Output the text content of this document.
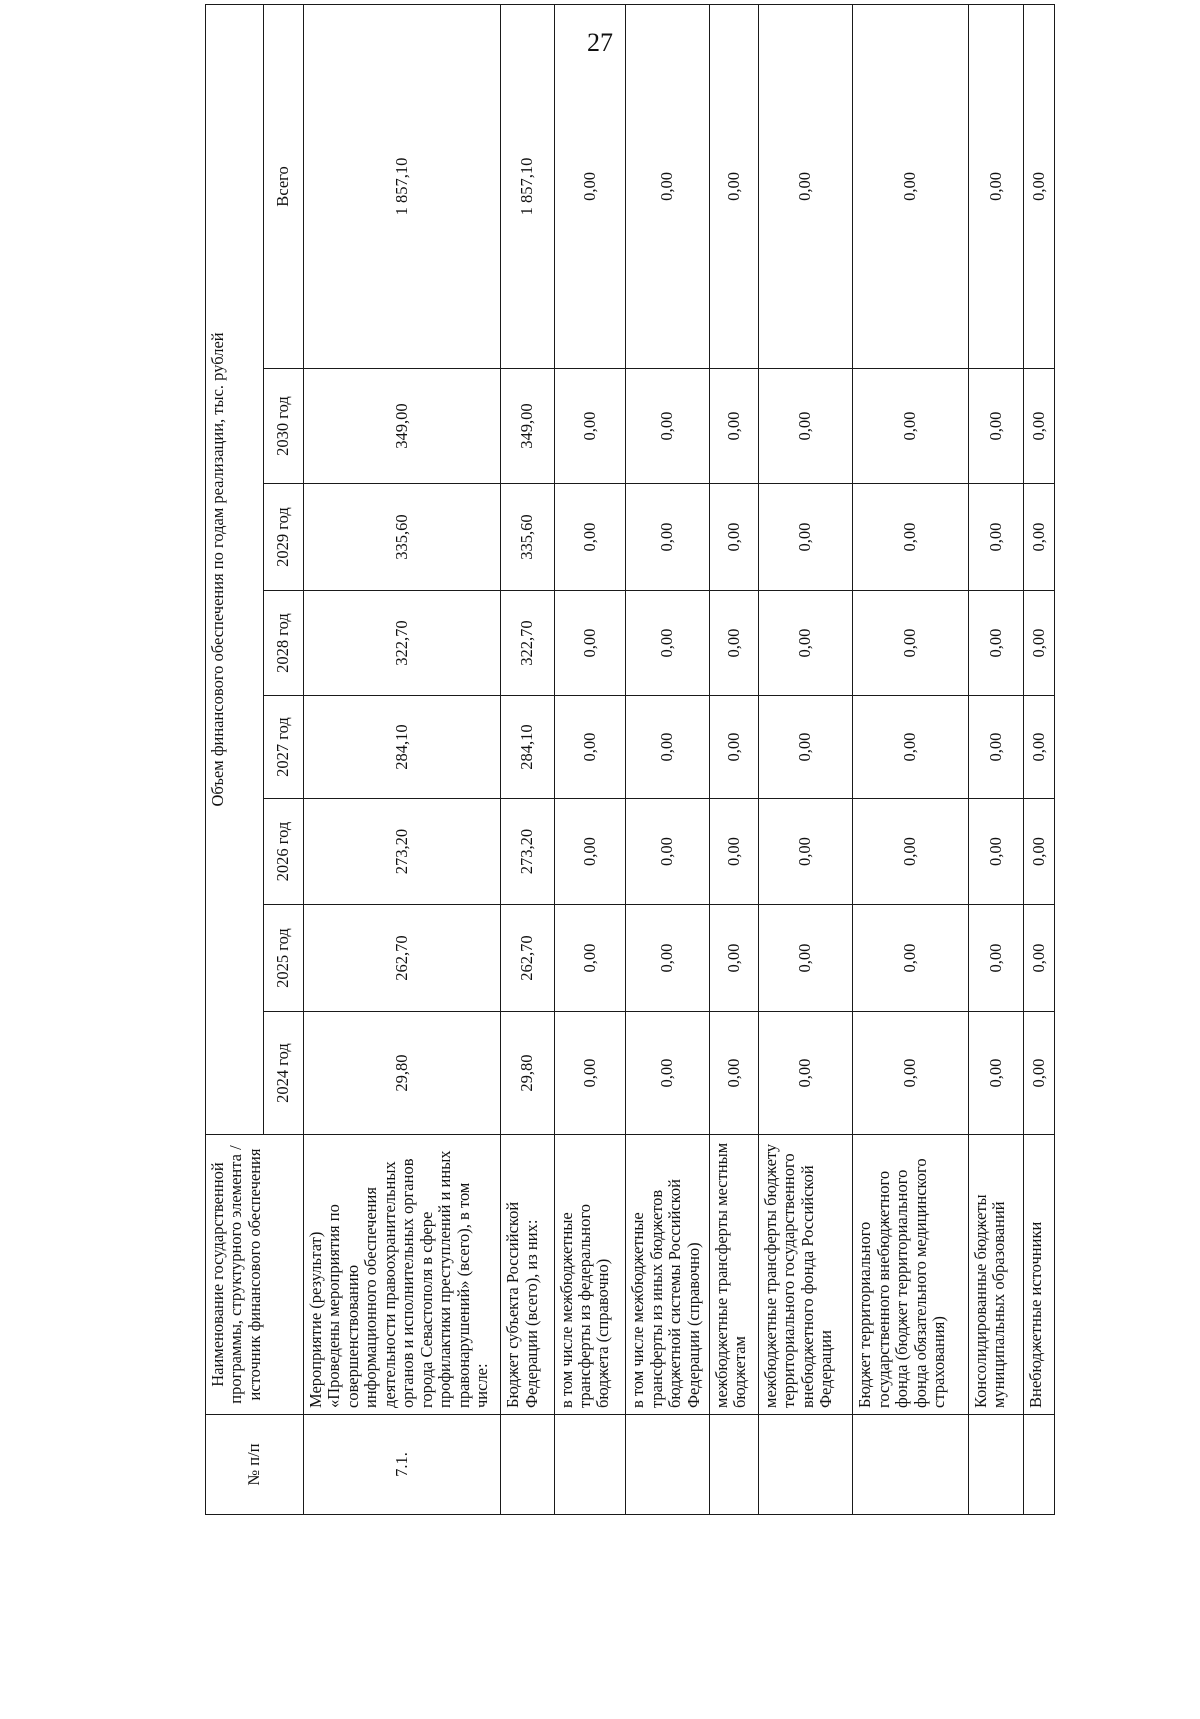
27
№ п/п	Наименование государственной программы, структурного элемента / источник финансового обеспечения	Объем финансового обеспечения по годам реализации, тыс. рублей							
		2024 год	2025 год	2026 год	2027 год	2028 год	2029 год	2030 год	Всего
7.1.	Мероприятие (результат) «Проведены мероприятия по совершенствованию информационного обеспечения деятельности правоохранительных органов и исполнительных органов города Севастополя в сфере профилактики преступлений и иных правонарушений» (всего), в том числе:	29,80	262,70	273,20	284,10	322,70	335,60	349,00	1 857,10
	Бюджет субъекта Российской Федерации (всего), из них:	29,80	262,70	273,20	284,10	322,70	335,60	349,00	1 857,10
	в том числе межбюджетные трансферты из федерального бюджета (справочно)	0,00	0,00	0,00	0,00	0,00	0,00	0,00	0,00
	в том числе межбюджетные трансферты из иных бюджетов бюджетной системы Российской Федерации (справочно)	0,00	0,00	0,00	0,00	0,00	0,00	0,00	0,00
	межбюджетные трансферты местным бюджетам	0,00	0,00	0,00	0,00	0,00	0,00	0,00	0,00
	межбюджетные трансферты бюджету территориального государственного внебюджетного фонда Российской Федерации	0,00	0,00	0,00	0,00	0,00	0,00	0,00	0,00
	Бюджет территориального государственного внебюджетного фонда (бюджет территориального фонда обязательного медицинского страхования)	0,00	0,00	0,00	0,00	0,00	0,00	0,00	0,00
	Консолидированные бюджеты муниципальных образований	0,00	0,00	0,00	0,00	0,00	0,00	0,00	0,00
	Внебюджетные источники	0,00	0,00	0,00	0,00	0,00	0,00	0,00	0,00
